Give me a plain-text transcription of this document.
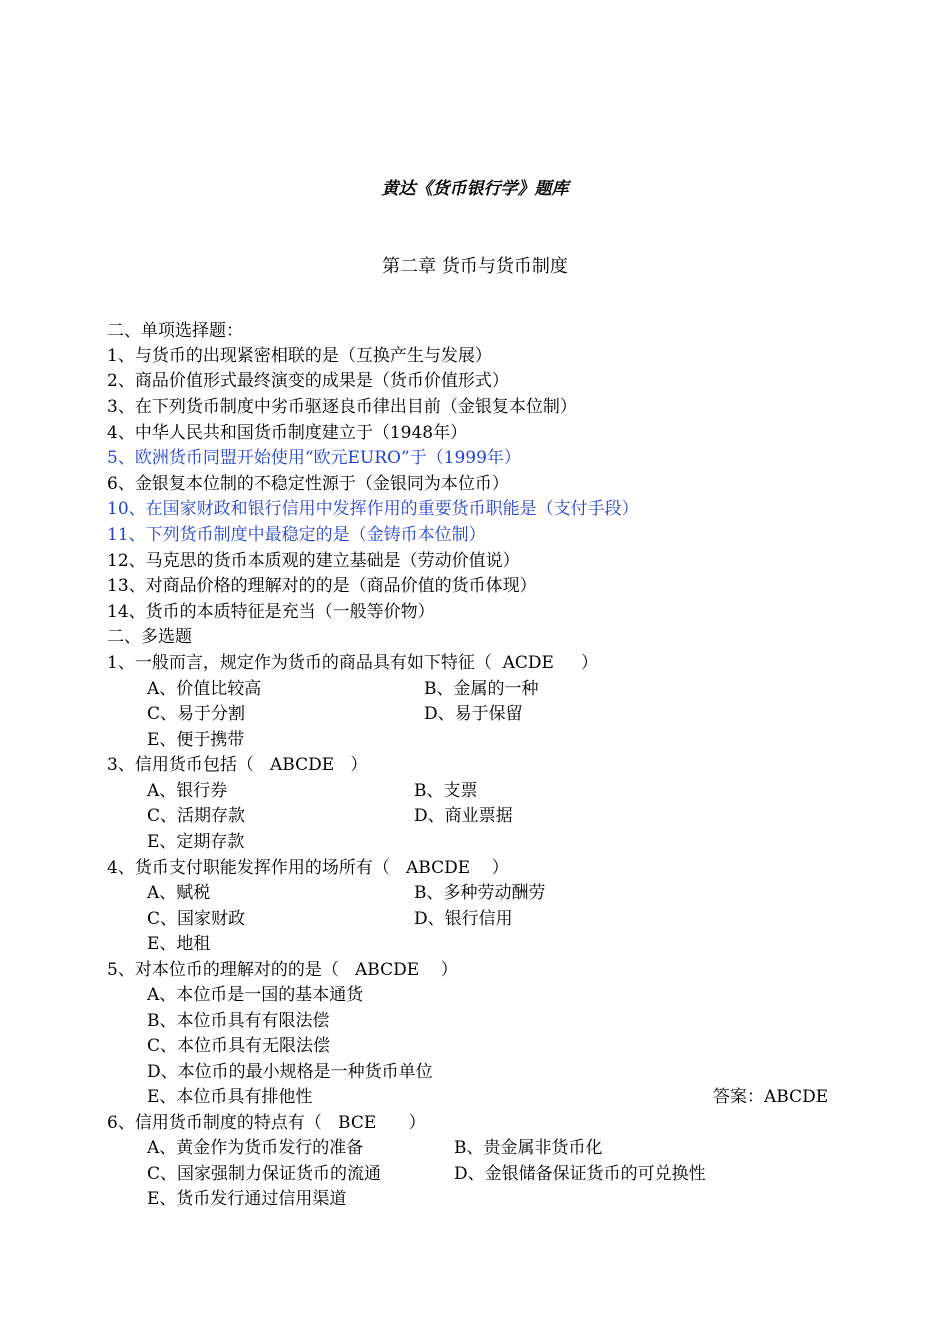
黄达《货币银行学》题库
第二章 货币与货币制度
二、单项选择题：
1、与货币的出现紧密相联的是（互换产生与发展）
2、商品价值形式最终演变的成果是（货币价值形式）
3、在下列货币制度中劣币驱逐良币律出目前（金银复本位制）
4、中华人民共和国货币制度建立于（1948年）
5、欧洲货币同盟开始使用“欧元EURO”于（1999年）
6、金银复本位制的不稳定性源于（金银同为本位币）
10、在国家财政和银行信用中发挥作用的重要货币职能是（支付手段）
11、下列货币制度中最稳定的是（金铸币本位制）
12、马克思的货币本质观的建立基础是（劳动价值说）
13、对商品价格的理解对的的是（商品价值的货币体现）
14、货币的本质特征是充当（一般等价物）
二、多选题
1、一般而言，规定作为货币的商品具有如下特征（  ACDE     ）
A、价值比较高	B、金属的一种
C、易于分割	D、易于保留
E、便于携带
3、信用货币包括（   ABCDE   ）
A、银行券	B、支票
C、活期存款	D、商业票据
E、定期存款
4、货币支付职能发挥作用的场所有（   ABCDE    ）
A、赋税	B、多种劳动酬劳
C、国家财政	D、银行信用
E、地租
5、对本位币的理解对的的是（   ABCDE    ）
A、本位币是一国的基本通货
B、本位币具有有限法偿
C、本位币具有无限法偿
D、本位币的最小规格是一种货币单位
E、本位币具有排他性	答案：ABCDE
6、信用货币制度的特点有（   BCE      ）
A、黄金作为货币发行的准备	B、贵金属非货币化
C、国家强制力保证货币的流通	D、金银储备保证货币的可兑换性
E、货币发行通过信用渠道
